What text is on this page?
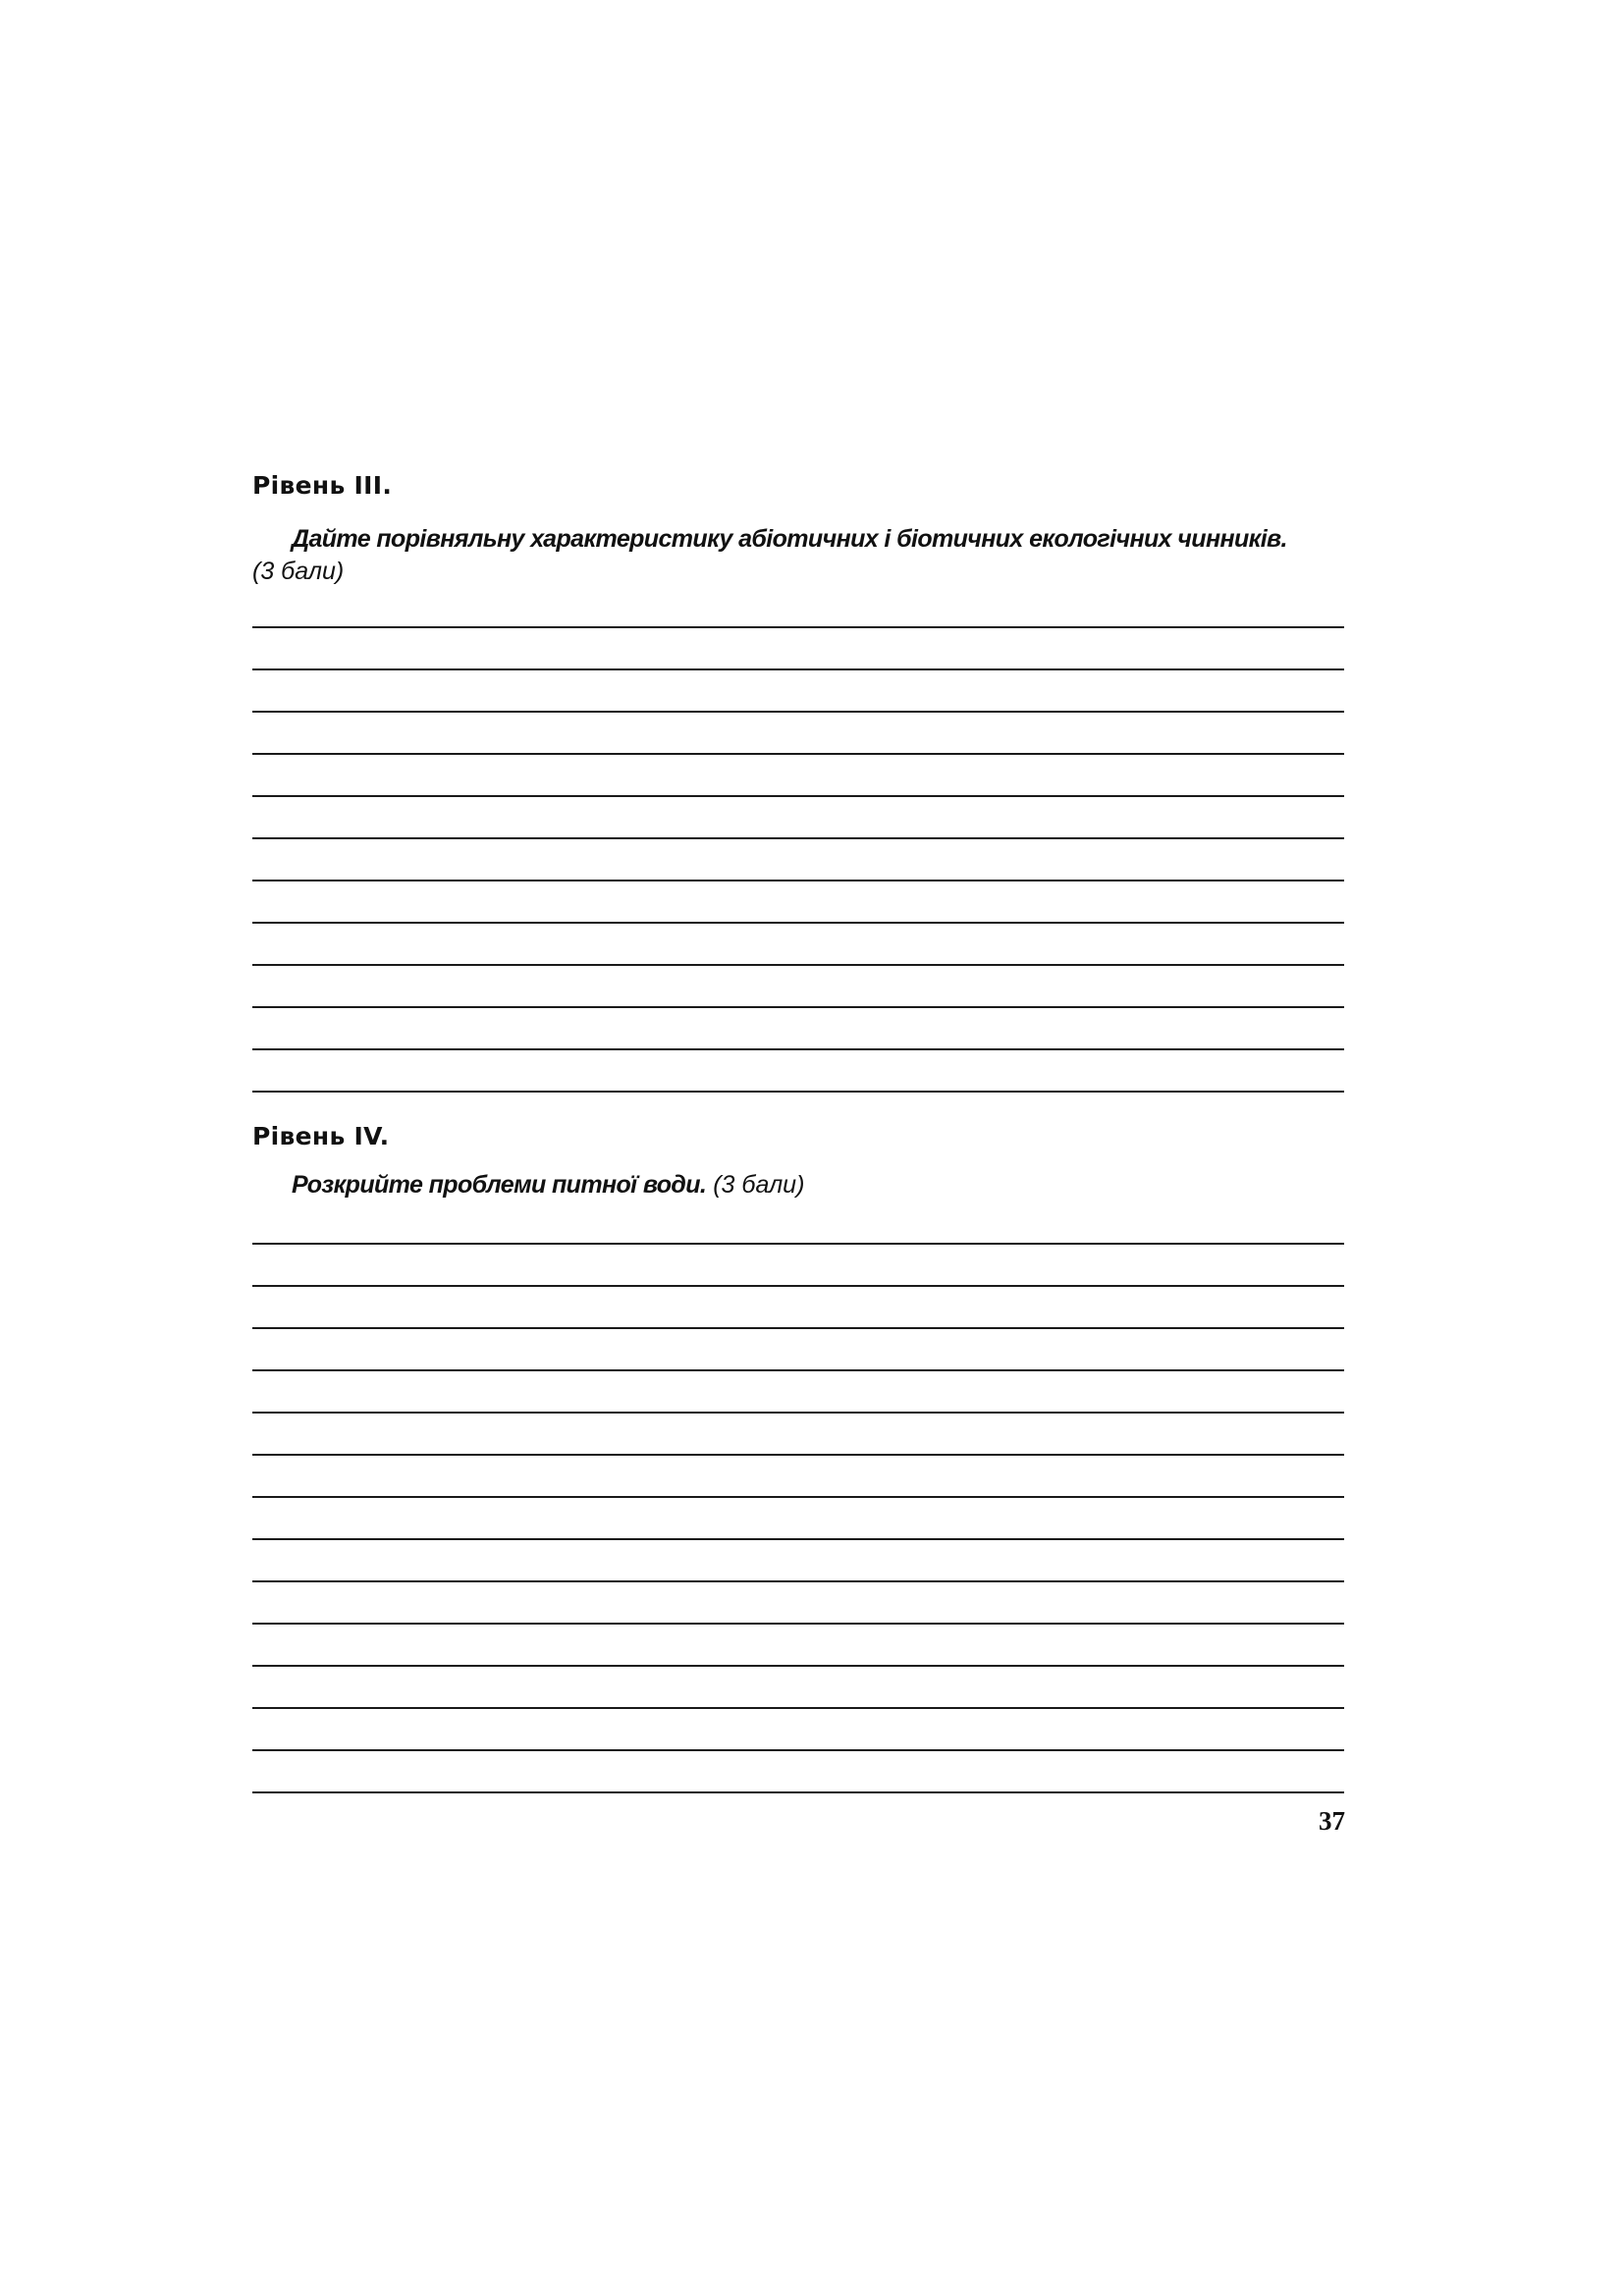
Рівень III.

Дайте порівняльну характеристику абіотичних і біотичних екологічних чинників.
(3 бали)

Рівень IV.

Розкрийте проблеми питної води. (3 бали)

37
